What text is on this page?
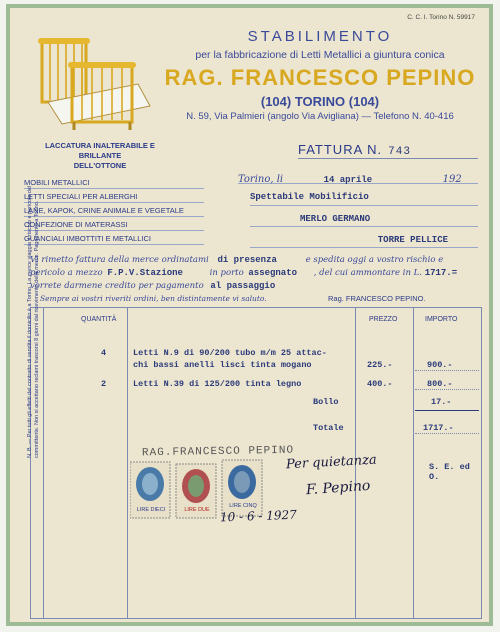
C. C. I. Torino N. 59917
STABILIMENTO
per la fabbricazione di Letti Metallici a giuntura conica
RAG. FRANCESCO PEPINO
(104) TORINO (104)
N. 59, Via Palmieri (angolo Via Avigliana) — Telefono N. 40-416
LACCATURA INALTERABILE E BRILLANTE
DELL'OTTONE
FATTURA N. 743
MOBILI METALLICI
LETTI SPECIALI PER ALBERGHI
LANE, KAPOK, CRINE ANIMALE E VEGETALE
CONFEZIONE DI MATERASSI
GUANCIALI IMBOTTITI E METALLICI
Torino, li	14 aprile	192
Spettabile Mobilificio
MERLO GERMANO
TORRE PELLICE
Vi rimetto fattura della merce ordinatami di presenza	e spedita oggi a vostro rischio e
pericolo a mezzo F.P.V.Stazione	in porto assegnato , del cui ammontare in L. 1717.=
vorrete darmene credito per pagamento al passaggio
Sempre ai vostri riveriti ordini, ben distintamente vi saluto.	Rag. FRANCESCO PEPINO.
QUANTITÀ	PREZZO	IMPORTO
4	Letti N.9 di 90/200 tubo m/m 25 attac-
chi bassi anelli lisci tinta mogano	225.-	900.-
2	Letti N.39 di 125/200 tinta legno	400.-	800.-
Bollo	17.-
Totale	1717.-
S. E. ed O.
N. B. — Per tutti gli effetti del contratto di vendita il domicilio è a Torino. La merce viaggia a rischio e pericolo del committente. Non si accettano reclami trascorsi 8 giorni dal ricevimento della merce. Pagamento a Torino.	RAG.FRANCESCO PEPINO
LIRE DIECI	LIRE DUE
LIRE CINQ
Per quietanza
F. Pepino
10 - 6 - 1927
